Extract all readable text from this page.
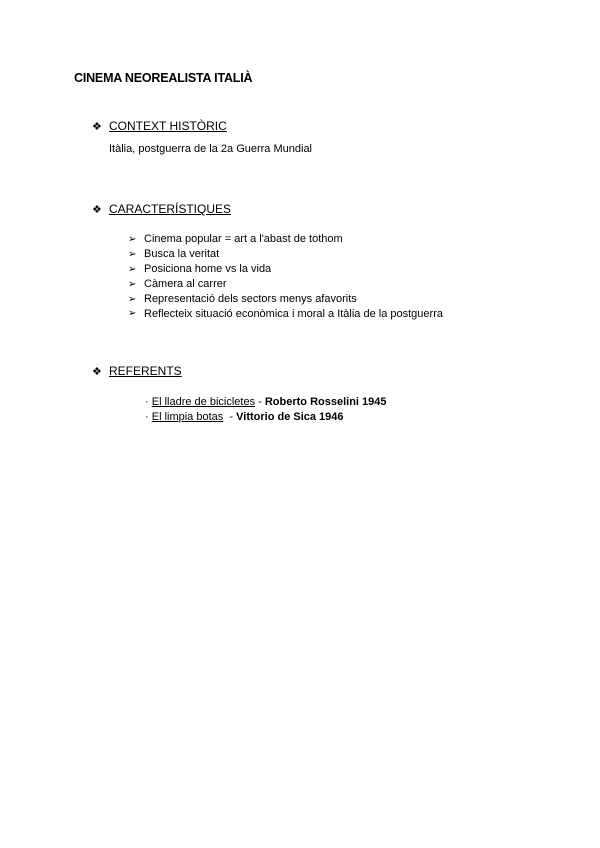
CINEMA NEOREALISTA ITALIÀ
❖ CONTEXT HISTÒRIC
Itàlia, postguerra de la 2a Guerra Mundial
❖ CARACTERÍSTIQUES
➢ Cinema popular = art a l'abast de tothom
➢ Busca la veritat
➢ Posiciona home vs la vida
➢ Càmera al carrer
➢ Representació dels sectors menys afavorits
➢ Reflecteix situació econòmica i moral a Itàlia de la postguerra
❖ REFERENTS
· El lladre de bicicletes - Roberto Rosselini 1945
· El limpia botas - Vittorio de Sica 1946
